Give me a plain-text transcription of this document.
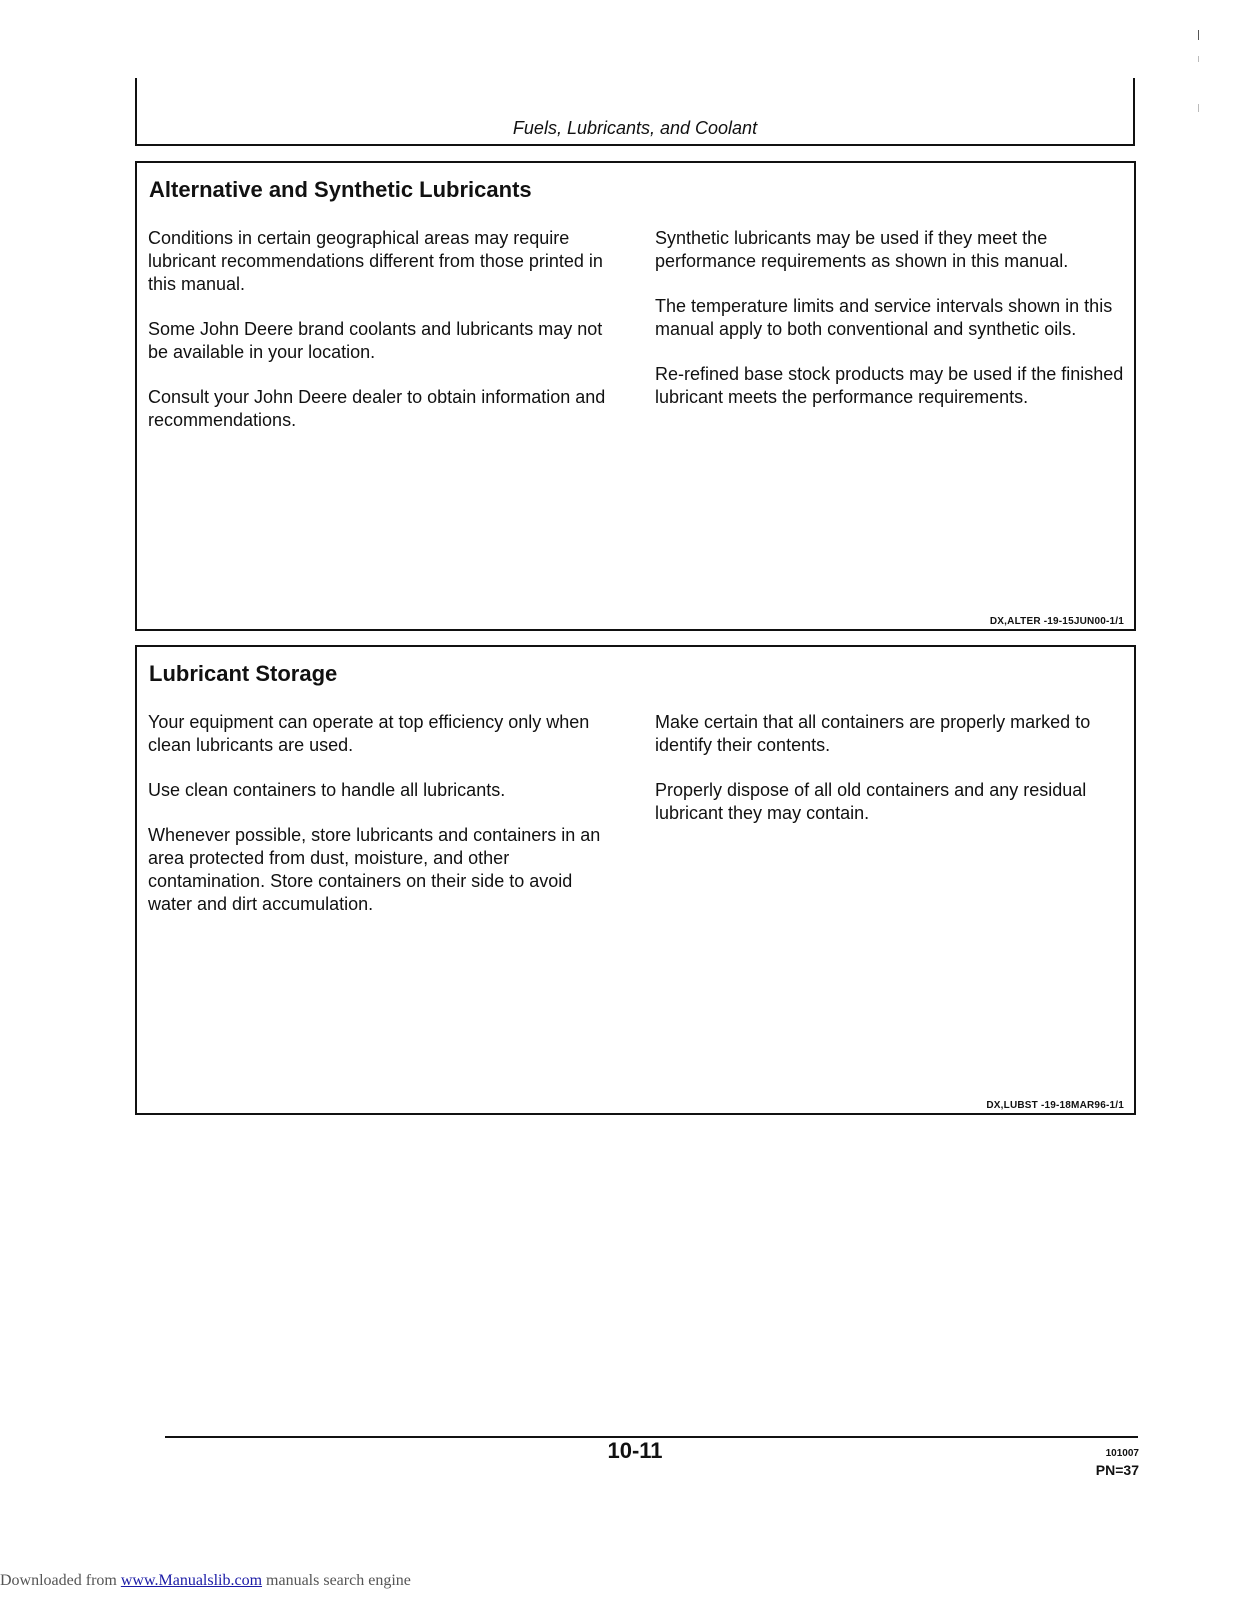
Fuels, Lubricants, and Coolant
Alternative and Synthetic Lubricants

Conditions in certain geographical areas may require lubricant recommendations different from those printed in this manual.

Some John Deere brand coolants and lubricants may not be available in your location.

Consult your John Deere dealer to obtain information and recommendations.

Synthetic lubricants may be used if they meet the performance requirements as shown in this manual.

The temperature limits and service intervals shown in this manual apply to both conventional and synthetic oils.

Re-refined base stock products may be used if the finished lubricant meets the performance requirements.

DX,ALTER -19-15JUN00-1/1
Lubricant Storage

Your equipment can operate at top efficiency only when clean lubricants are used.

Use clean containers to handle all lubricants.

Whenever possible, store lubricants and containers in an area protected from dust, moisture, and other contamination. Store containers on their side to avoid water and dirt accumulation.

Make certain that all containers are properly marked to identify their contents.

Properly dispose of all old containers and any residual lubricant they may contain.

DX,LUBST -19-18MAR96-1/1
10-11	101007
PN=37
Downloaded from www.Manualslib.com manuals search engine
